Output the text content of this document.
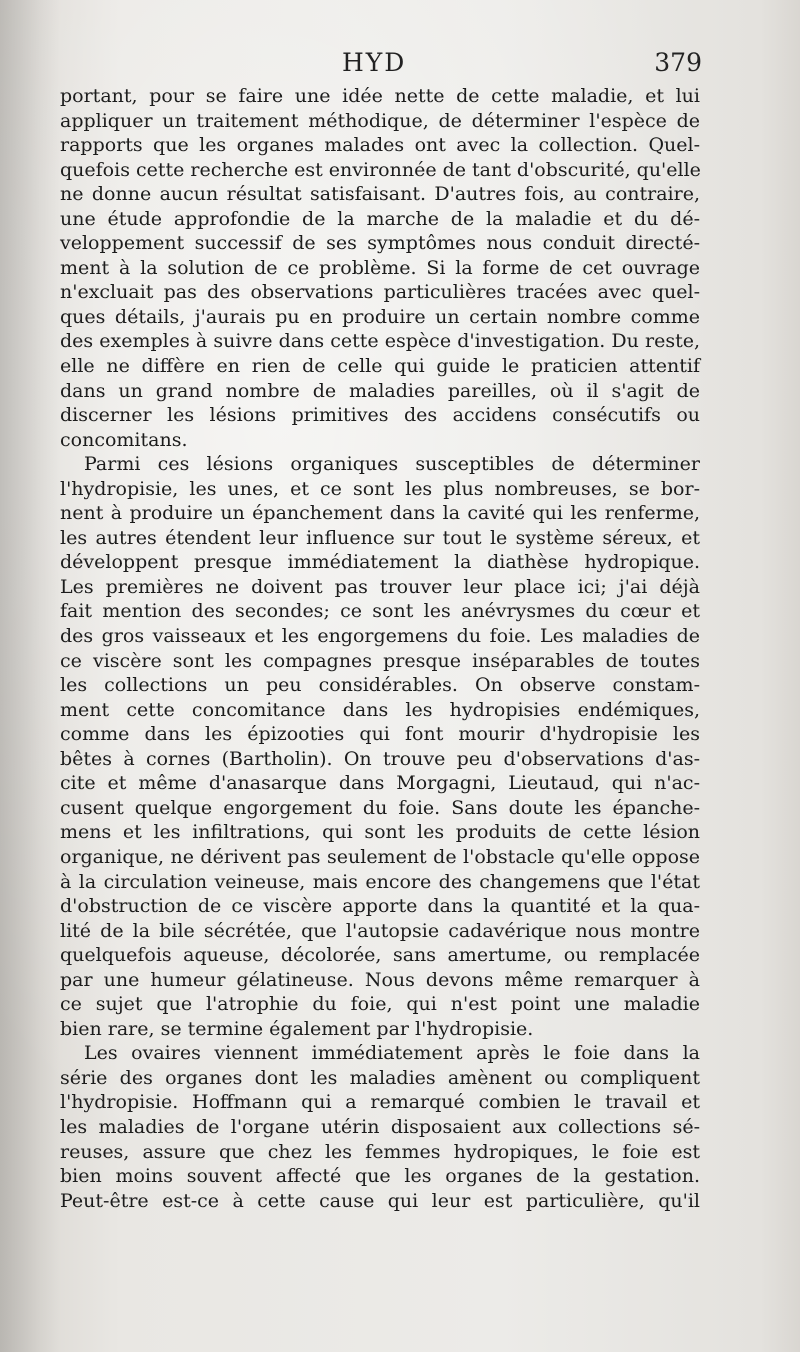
HYD	379
portant, pour se faire une idée nette de cette maladie, et lui
appliquer un traitement méthodique, de déterminer l'espèce de
rapports que les organes malades ont avec la collection. Quel-
quefois cette recherche est environnée de tant d'obscurité, qu'elle
ne donne aucun résultat satisfaisant. D'autres fois, au contraire,
une étude approfondie de la marche de la maladie et du dé-
veloppement successif de ses symptômes nous conduit directé-
ment à la solution de ce problème. Si la forme de cet ouvrage
n'excluait pas des observations particulières tracées avec quel-
ques détails, j'aurais pu en produire un certain nombre comme
des exemples à suivre dans cette espèce d'investigation. Du reste,
elle ne diffère en rien de celle qui guide le praticien attentif
dans un grand nombre de maladies pareilles, où il s'agit de
discerner les lésions primitives des accidens consécutifs ou
concomitans.
Parmi ces lésions organiques susceptibles de déterminer
l'hydropisie, les unes, et ce sont les plus nombreuses, se bor-
nent à produire un épanchement dans la cavité qui les renferme,
les autres étendent leur influence sur tout le système séreux, et
développent presque immédiatement la diathèse hydropique.
Les premières ne doivent pas trouver leur place ici; j'ai déjà
fait mention des secondes; ce sont les anévrysmes du cœur et
des gros vaisseaux et les engorgemens du foie. Les maladies de
ce viscère sont les compagnes presque inséparables de toutes
les collections un peu considérables. On observe constam-
ment cette concomitance dans les hydropisies endémiques,
comme dans les épizooties qui font mourir d'hydropisie les
bêtes à cornes (Bartholin). On trouve peu d'observations d'as-
cite et même d'anasarque dans Morgagni, Lieutaud, qui n'ac-
cusent quelque engorgement du foie. Sans doute les épanche-
mens et les infiltrations, qui sont les produits de cette lésion
organique, ne dérivent pas seulement de l'obstacle qu'elle oppose
à la circulation veineuse, mais encore des changemens que l'état
d'obstruction de ce viscère apporte dans la quantité et la qua-
lité de la bile sécrétée, que l'autopsie cadavérique nous montre
quelquefois aqueuse, décolorée, sans amertume, ou remplacée
par une humeur gélatineuse. Nous devons même remarquer à
ce sujet que l'atrophie du foie, qui n'est point une maladie
bien rare, se termine également par l'hydropisie.
Les ovaires viennent immédiatement après le foie dans la
série des organes dont les maladies amènent ou compliquent
l'hydropisie. Hoffmann qui a remarqué combien le travail et
les maladies de l'organe utérin disposaient aux collections sé-
reuses, assure que chez les femmes hydropiques, le foie est
bien moins souvent affecté que les organes de la gestation.
Peut-être est-ce à cette cause qui leur est particulière, qu'il
